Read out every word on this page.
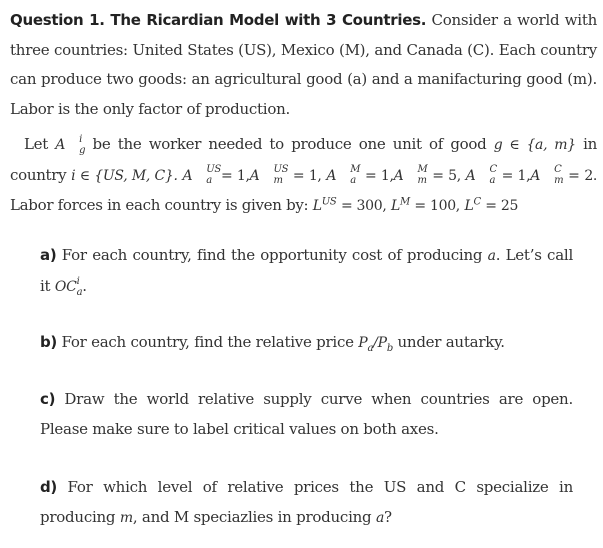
Question 1. The Ricardian Model with 3 Countries. Consider a world with three countries: United States (US), Mexico (M), and Canada (C). Each country can produce two goods: an agricultural good (a) and a manifacturing good (m). Labor is the only factor of production.

Let A	i
g be the worker needed to produce one unit of good g ∈ {a, m} in country i ∈ {US, M, C}. A	US
a = 1,A	US
m = 1, A	M
a = 1,A	M
m = 5, A	C
a = 1,A	C
m = 2. Labor forces in each country is given by: $L^{US} = 300$, $L^M = 100$, $L^C = 25$

a) For each country, find the opportunity cost of producing a. Let’s call it OC i
a .

b) For each country, find the relative price $P_a/P_b$ under autarky.

c) Draw the world relative supply curve when countries are open. Please make sure to label critical values on both axes.

d) For which level of relative prices the US and C specialize in producing m, and M speciazlies in producing a?
